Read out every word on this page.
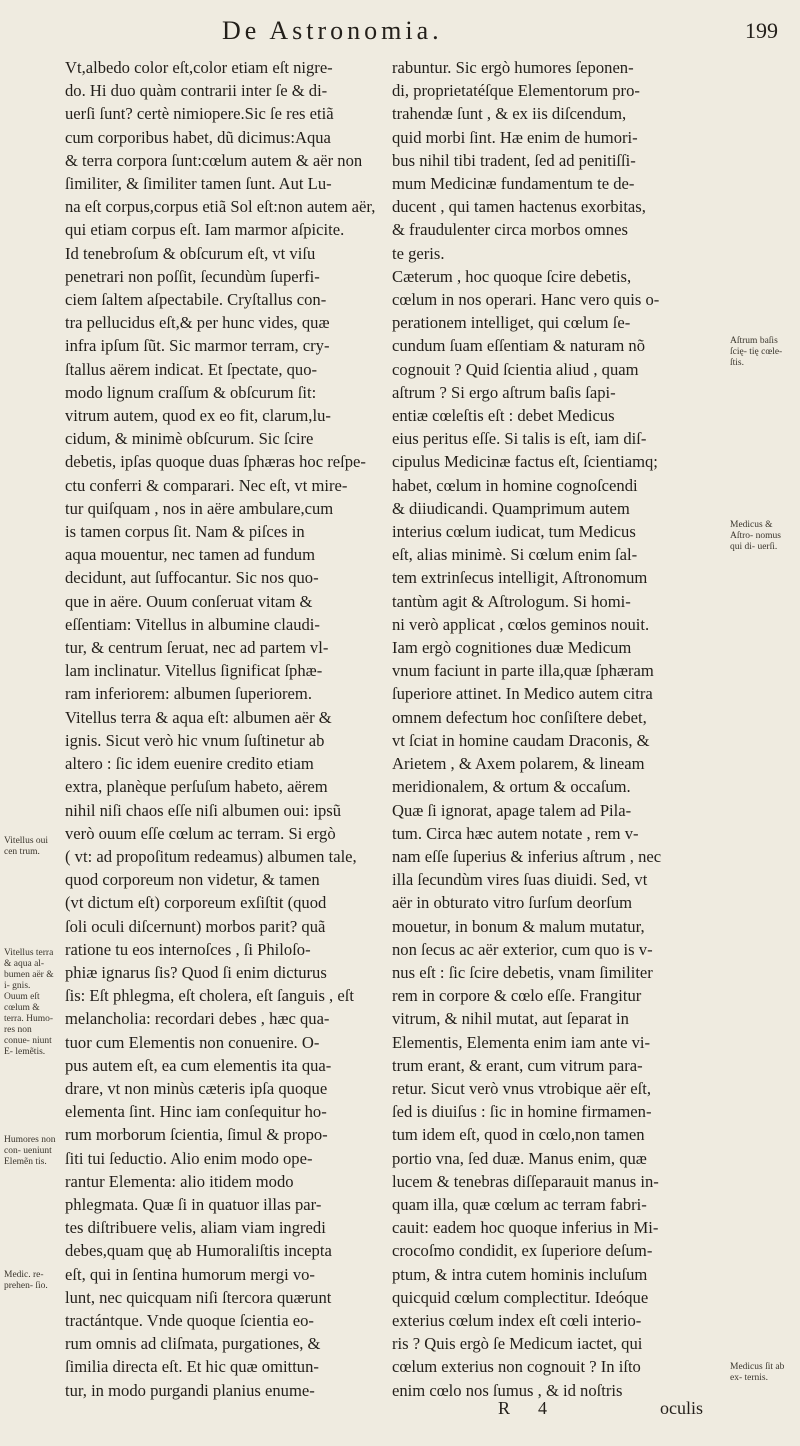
De Astronomia.	199
Vt,albedo color eſt,color etiam eſt nigre-
do. Hi duo quàm contrarii inter ſe & di-
uerſi ſunt? certè nimiopere.Sic ſe res etiã
cum corporibus habet, dũ dicimus:Aqua
& terra corpora ſunt:cœlum autem & aër non
ſimiliter, & ſimiliter tamen ſunt. Aut Lu-
na eſt corpus,corpus etiã Sol eſt:non autem aër,
qui etiam corpus eſt. Iam marmor aſpicite.
Id tenebroſum & obſcurum eſt, vt viſu
penetrari non poſſit, ſecundùm ſuperfi-
ciem ſaltem aſpectabile. Cryſtallus con-
tra pellucidus eſt,& per hunc vides, quæ
infra ipſum ſũt. Sic marmor terram, cry-
ſtallus aërem indicat. Et ſpectate, quo-
modo lignum craſſum & obſcurum ſit:
vitrum autem, quod ex eo fit, clarum,lu-
cidum, & minimè obſcurum. Sic ſcire
debetis, ipſas quoque duas ſphæras hoc reſpe-
ctu conferri & comparari. Nec eſt, vt mire-
tur quiſquam , nos in aëre ambulare,cum
is tamen corpus ſit. Nam & piſces in
aqua mouentur, nec tamen ad fundum
decidunt, aut ſuffocantur. Sic nos quo-
que in aëre. Ouum conſeruat vitam &
eſſentiam: Vitellus in albumine claudi-
tur, & centrum ſeruat, nec ad partem vl-
lam inclinatur. Vitellus ſignificat ſphæ-
ram inferiorem: albumen ſuperiorem.
Vitellus terra & aqua eſt: albumen aër &
ignis. Sicut verò hic vnum ſuſtinetur ab
altero : ſic idem euenire credito etiam
extra, planèque perſuſum habeto, aërem
nihil niſi chaos eſſe niſi albumen oui: ipsũ
verò ouum eſſe cœlum ac terram. Si ergò
( vt: ad propoſitum redeamus) albumen tale,
quod corporeum non videtur, & tamen
(vt dictum eſt) corporeum exſiſtit (quod
ſoli oculi diſcernunt) morbos parit? quã
ratione tu eos internoſces , ſi Philoſo-
phiæ ignarus ſis? Quod ſi enim dicturus
ſis: Eſt phlegma, eſt cholera, eſt ſanguis , eſt
melancholia: recordari debes , hæc qua-
tuor cum Elementis non conuenire. O-
pus autem eſt, ea cum elementis ita qua-
drare, vt non minùs cæteris ipſa quoque
elementa ſint. Hinc iam conſequitur ho-
rum morborum ſcientia, ſimul & propo-
ſiti tui ſeductio. Alio enim modo ope-
rantur Elementa: alio itidem modo
phlegmata. Quæ ſi in quatuor illas par-
tes diſtribuere velis, aliam viam ingredi
debes,quam quę ab Humoraliſtis incepta
eſt, qui in ſentina humorum mergi vo-
lunt, nec quicquam niſi ſtercora quærunt
tractántque. Vnde quoque ſcientia eo-
rum omnis ad cliſmata, purgationes, &
ſimilia directa eſt. Et hic quæ omittun-
tur, in modo purgandi planius enume-
rabuntur. Sic ergò humores ſeponen-
di, proprietatéſque Elementorum pro-
trahendæ ſunt , & ex iis diſcendum,
quid morbi ſint. Hæ enim de humori-
bus nihil tibi tradent, ſed ad penitiſſi-
mum Medicinæ fundamentum te de-
ducent , qui tamen hactenus exorbitas,
& fraudulenter circa morbos omnes
te geris.
Cæterum , hoc quoque ſcire debetis,
cœlum in nos operari. Hanc vero quis o-
perationem intelliget, qui cœlum ſe-
cundum ſuam eſſentiam & naturam nõ
cognouit ? Quid ſcientia aliud , quam
aſtrum ? Si ergo aſtrum baſis ſapi-
entiæ cœleſtis eſt : debet Medicus
eius peritus eſſe. Si talis is eſt, iam diſ-
cipulus Medicinæ factus eſt, ſcientiamq;
habet, cœlum in homine cognoſcendi
& diiudicandi. Quamprimum autem
interius cœlum iudicat, tum Medicus
eſt, alias minimè. Si cœlum enim ſal-
tem extrinſecus intelligit, Aſtronomum
tantùm agit & Aſtrologum. Si homi-
ni verò applicat , cœlos geminos nouit.
Iam ergò cognitiones duæ Medicum
vnum faciunt in parte illa,quæ ſphæram
ſuperiore attinet. In Medico autem citra
omnem defectum hoc conſiſtere debet,
vt ſciat in homine caudam Draconis, &
Arietem , & Axem polarem, & lineam
meridionalem, & ortum & occaſum.
Quæ ſi ignorat, apage talem ad Pila-
tum. Circa hæc autem notate , rem v-
nam eſſe ſuperius & inferius aſtrum , nec
illa ſecundùm vires ſuas diuidi. Sed, vt
aër in obturato vitro ſurſum deorſum
mouetur, in bonum & malum mutatur,
non ſecus ac aër exterior, cum quo is v-
nus eſt : ſic ſcire debetis, vnam ſimiliter
rem in corpore & cœlo eſſe. Frangitur
vitrum, & nihil mutat, aut ſeparat in
Elementis, Elementa enim iam ante vi-
trum erant, & erant, cum vitrum para-
retur. Sicut verò vnus vtrobique aër eſt,
ſed is diuiſus : ſic in homine firmamen-
tum idem eſt, quod in cœlo,non tamen
portio vna, ſed duæ. Manus enim, quæ
lucem & tenebras diſſeparauit manus in-
quam illa, quæ cœlum ac terram fabri-
cauit: eadem hoc quoque inferius in Mi-
crocoſmo condidit, ex ſuperiore deſum-
ptum, & intra cutem hominis incluſum
quicquid cœlum complectitur. Ideóque
exterius cœlum index eſt cœli interio-
ris ? Quis ergò ſe Medicum iactet, qui
cœlum exterius non cognouit ? In iſto
enim cœlo nos ſumus , & id noſtris
Vitellus oui cen trum.
Vitellus terra & aqua al- bumen aër & i- gnis. Ouum eſt cœlum & terra. Humo- res non conue- niunt E- lemẽtis.
Humores non con- ueniunt Elemẽn tis.
Medic. re- prehen- ſio.
Aſtrum baſis ſcię- tię cœle- ſtis.
Medicus & Aſtro- nomus qui di- uerſi.
Medicus ſit ab ex- ternis.
R 4	oculis
